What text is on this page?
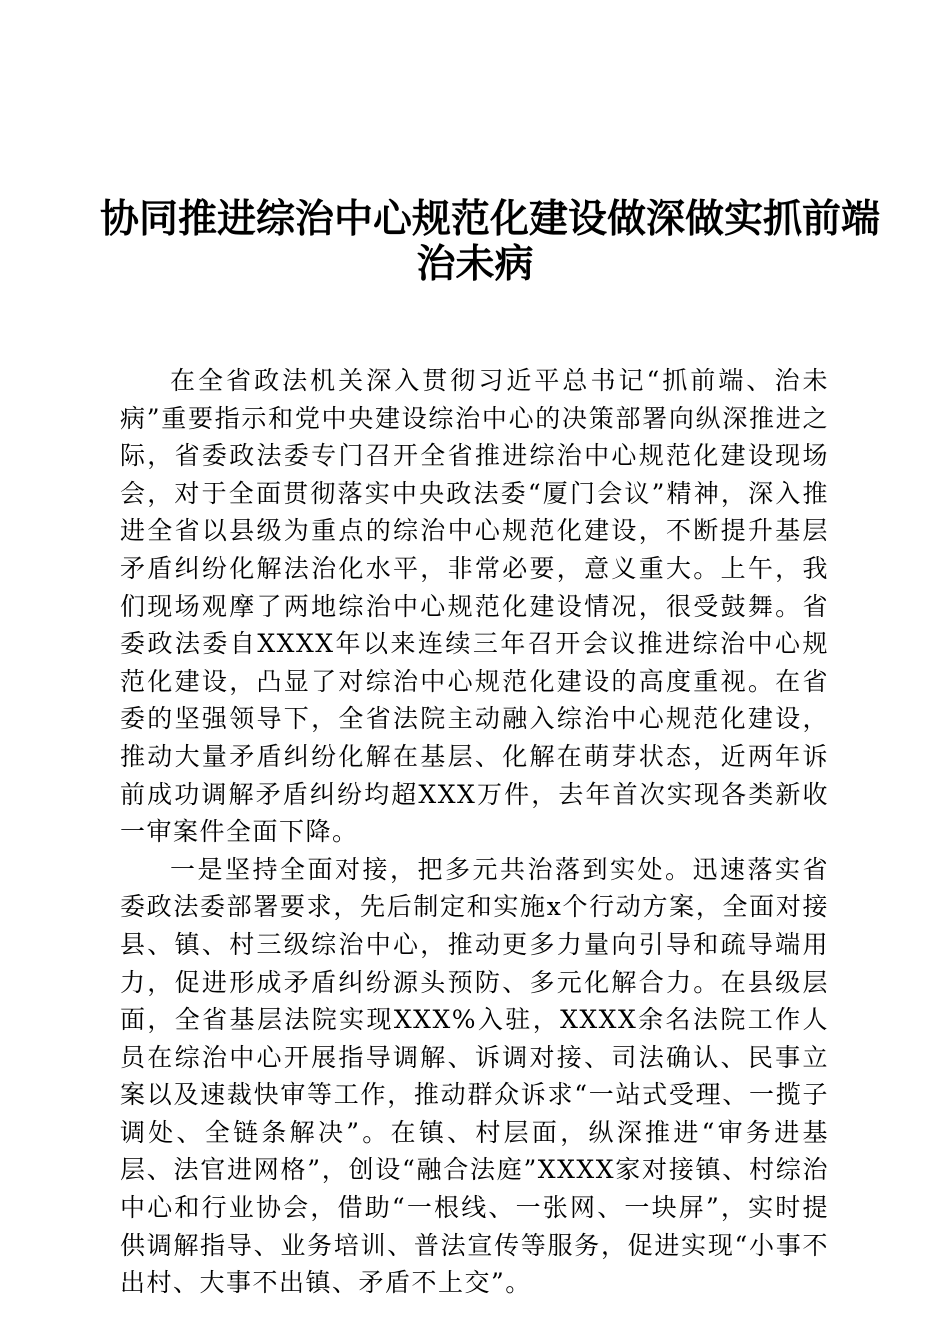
协同推进综治中心规范化建设做深做实抓前端
治未病

在全省政法机关深入贯彻习近平总书记“抓前端、治未病”重要指示和党中央建设综治中心的决策部署向纵深推进之际，省委政法委专门召开全省推进综治中心规范化建设现场会，对于全面贯彻落实中央政法委“厦门会议”精神，深入推进全省以县级为重点的综治中心规范化建设，不断提升基层矛盾纠纷化解法治化水平，非常必要，意义重大。上午，我们现场观摩了两地综治中心规范化建设情况，很受鼓舞。省委政法委自XXXX年以来连续三年召开会议推进综治中心规范化建设，凸显了对综治中心规范化建设的高度重视。在省委的坚强领导下，全省法院主动融入综治中心规范化建设，推动大量矛盾纠纷化解在基层、化解在萌芽状态，近两年诉前成功调解矛盾纠纷均超XXX万件，去年首次实现各类新收一审案件全面下降。

一是坚持全面对接，把多元共治落到实处。迅速落实省委政法委部署要求，先后制定和实施x个行动方案，全面对接县、镇、村三级综治中心，推动更多力量向引导和疏导端用力，促进形成矛盾纠纷源头预防、多元化解合力。在县级层面，全省基层法院实现XXX%入驻，XXXX余名法院工作人员在综治中心开展指导调解、诉调对接、司法确认、民事立案以及速裁快审等工作，推动群众诉求“一站式受理、一揽子调处、全链条解决”。在镇、村层面，纵深推进“审务进基层、法官进网格”，创设“融合法庭”XXXX家对接镇、村综治中心和行业协会，借助“一根线、一张网、一块屏”，实时提供调解指导、业务培训、普法宣传等服务，促进实现“小事不出村、大事不出镇、矛盾不上交”。
